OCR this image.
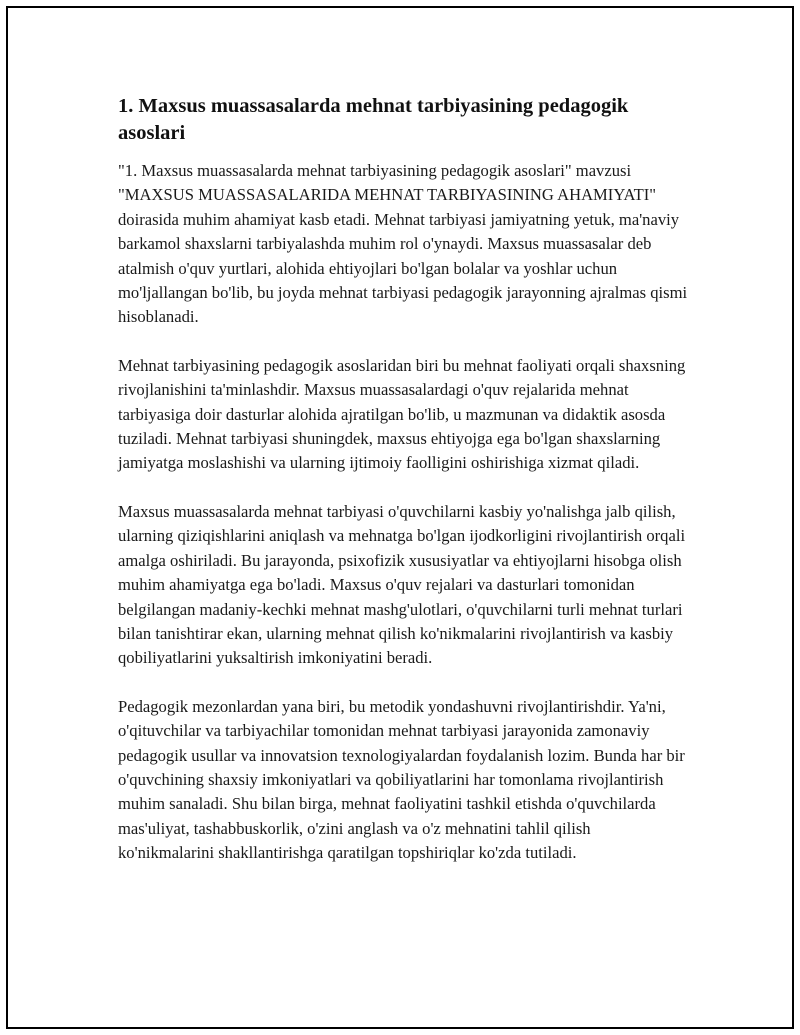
1. Maxsus muassasalarda mehnat tarbiyasining pedagogik asoslari

"1. Maxsus muassasalarda mehnat tarbiyasining pedagogik asoslari" mavzusi "MAXSUS MUASSASALARIDA MEHNAT TARBIYASINING AHAMIYATI" doirasida muhim ahamiyat kasb etadi. Mehnat tarbiyasi jamiyatning yetuk, ma'naviy barkamol shaxslarni tarbiyalashda muhim rol o'ynaydi. Maxsus muassasalar deb atalmish o'quv yurtlari, alohida ehtiyojlari bo'lgan bolalar va yoshlar uchun mo'ljallangan bo'lib, bu joyda mehnat tarbiyasi pedagogik jarayonning ajralmas qismi hisoblanadi.

Mehnat tarbiyasining pedagogik asoslaridan biri bu mehnat faoliyati orqali shaxsning rivojlanishini ta'minlashdir. Maxsus muassasalardagi o'quv rejalarida mehnat tarbiyasiga doir dasturlar alohida ajratilgan bo'lib, u mazmunan va didaktik asosda tuziladi. Mehnat tarbiyasi shuningdek, maxsus ehtiyojga ega bo'lgan shaxslarning jamiyatga moslashishi va ularning ijtimoiy faolligini oshirishiga xizmat qiladi.

Maxsus muassasalarda mehnat tarbiyasi o'quvchilarni kasbiy yo'nalishga jalb qilish, ularning qiziqishlarini aniqlash va mehnatga bo'lgan ijodkorligini rivojlantirish orqali amalga oshiriladi. Bu jarayonda, psixofizik xususiyatlar va ehtiyojlarni hisobga olish muhim ahamiyatga ega bo'ladi. Maxsus o'quv rejalari va dasturlari tomonidan belgilangan madaniy-kechki mehnat mashg'ulotlari, o'quvchilarni turli mehnat turlari bilan tanishtirar ekan, ularning mehnat qilish ko'nikmalarini rivojlantirish va kasbiy qobiliyatlarini yuksaltirish imkoniyatini beradi.

Pedagogik mezonlardan yana biri, bu metodik yondashuvni rivojlantirishdir. Ya'ni, o'qituvchilar va tarbiyachilar tomonidan mehnat tarbiyasi jarayonida zamonaviy pedagogik usullar va innovatsion texnologiyalardan foydalanish lozim. Bunda har bir o'quvchining shaxsiy imkoniyatlari va qobiliyatlarini har tomonlama rivojlantirish muhim sanaladi. Shu bilan birga, mehnat faoliyatini tashkil etishda o'quvchilarda mas'uliyat, tashabbuskorlik, o'zini anglash va o'z mehnatini tahlil qilish ko'nikmalarini shakllantirishga qaratilgan topshiriqlar ko'zda tutiladi.
